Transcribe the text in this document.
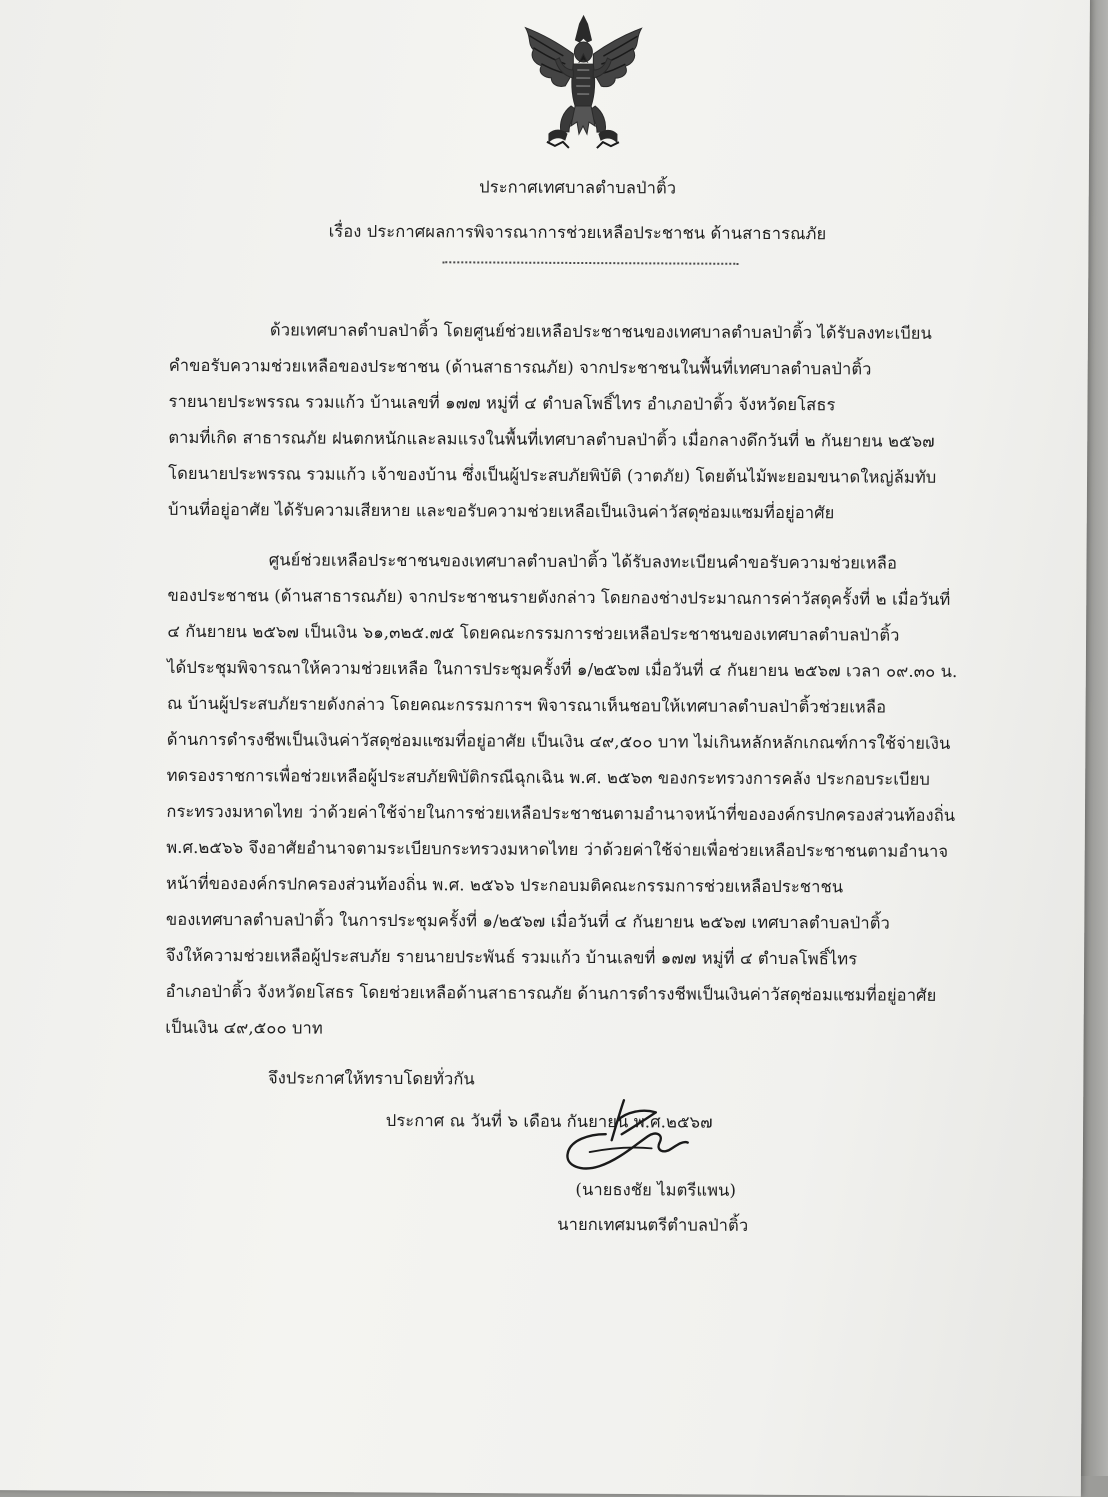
ประกาศเทศบาลตำบลป่าติ้ว
เรื่อง ประกาศผลการพิจารณาการช่วยเหลือประชาชน ด้านสาธารณภัย
ด้วยเทศบาลตำบลป่าติ้ว โดยศูนย์ช่วยเหลือประชาชนของเทศบาลตำบลป่าติ้ว ได้รับลงทะเบียน
คำขอรับความช่วยเหลือของประชาชน (ด้านสาธารณภัย) จากประชาชนในพื้นที่เทศบาลตำบลป่าติ้ว
รายนายประพรรณ รวมแก้ว บ้านเลขที่ ๑๗๗ หมู่ที่ ๔ ตำบลโพธิ์ไทร อำเภอป่าติ้ว จังหวัดยโสธร
ตามที่เกิด สาธารณภัย ฝนตกหนักและลมแรงในพื้นที่เทศบาลตำบลป่าติ้ว เมื่อกลางดึกวันที่ ๒ กันยายน ๒๕๖๗
โดยนายประพรรณ รวมแก้ว เจ้าของบ้าน ซึ่งเป็นผู้ประสบภัยพิบัติ (วาตภัย) โดยต้นไม้พะยอมขนาดใหญ่ล้มทับ
บ้านที่อยู่อาศัย ได้รับความเสียหาย และขอรับความช่วยเหลือเป็นเงินค่าวัสดุซ่อมแซมที่อยู่อาศัย
ศูนย์ช่วยเหลือประชาชนของเทศบาลตำบลป่าติ้ว ได้รับลงทะเบียนคำขอรับความช่วยเหลือ
ของประชาชน (ด้านสาธารณภัย) จากประชาชนรายดังกล่าว โดยกองช่างประมาณการค่าวัสดุครั้งที่ ๒ เมื่อวันที่
๔ กันยายน ๒๕๖๗ เป็นเงิน ๖๑,๓๒๕.๗๕ โดยคณะกรรมการช่วยเหลือประชาชนของเทศบาลตำบลป่าติ้ว
ได้ประชุมพิจารณาให้ความช่วยเหลือ ในการประชุมครั้งที่ ๑/๒๕๖๗ เมื่อวันที่ ๔ กันยายน ๒๕๖๗ เวลา ๐๙.๓๐ น.
ณ บ้านผู้ประสบภัยรายดังกล่าว โดยคณะกรรมการฯ พิจารณาเห็นชอบให้เทศบาลตำบลป่าติ้วช่วยเหลือ
ด้านการดำรงชีพเป็นเงินค่าวัสดุซ่อมแซมที่อยู่อาศัย เป็นเงิน ๔๙,๕๐๐ บาท ไม่เกินหลักหลักเกณฑ์การใช้จ่ายเงิน
ทดรองราชการเพื่อช่วยเหลือผู้ประสบภัยพิบัติกรณีฉุกเฉิน พ.ศ. ๒๕๖๓ ของกระทรวงการคลัง ประกอบระเบียบ
กระทรวงมหาดไทย ว่าด้วยค่าใช้จ่ายในการช่วยเหลือประชาชนตามอำนาจหน้าที่ขององค์กรปกครองส่วนท้องถิ่น
พ.ศ.๒๕๖๖ จึงอาศัยอำนาจตามระเบียบกระทรวงมหาดไทย ว่าด้วยค่าใช้จ่ายเพื่อช่วยเหลือประชาชนตามอำนาจ
หน้าที่ขององค์กรปกครองส่วนท้องถิ่น พ.ศ. ๒๕๖๖ ประกอบมติคณะกรรมการช่วยเหลือประชาชน
ของเทศบาลตำบลป่าติ้ว ในการประชุมครั้งที่ ๑/๒๕๖๗ เมื่อวันที่ ๔ กันยายน ๒๕๖๗ เทศบาลตำบลป่าติ้ว
จึงให้ความช่วยเหลือผู้ประสบภัย รายนายประพันธ์ รวมแก้ว บ้านเลขที่ ๑๗๗ หมู่ที่ ๔ ตำบลโพธิ์ไทร
อำเภอป่าติ้ว จังหวัดยโสธร โดยช่วยเหลือด้านสาธารณภัย ด้านการดำรงชีพเป็นเงินค่าวัสดุซ่อมแซมที่อยู่อาศัย
เป็นเงิน ๔๙,๕๐๐ บาท
จึงประกาศให้ทราบโดยทั่วกัน
ประกาศ ณ วันที่ ๖ เดือน กันยายน พ.ศ.๒๕๖๗
(นายธงชัย ไมตรีแพน)
นายกเทศมนตรีตำบลป่าติ้ว
